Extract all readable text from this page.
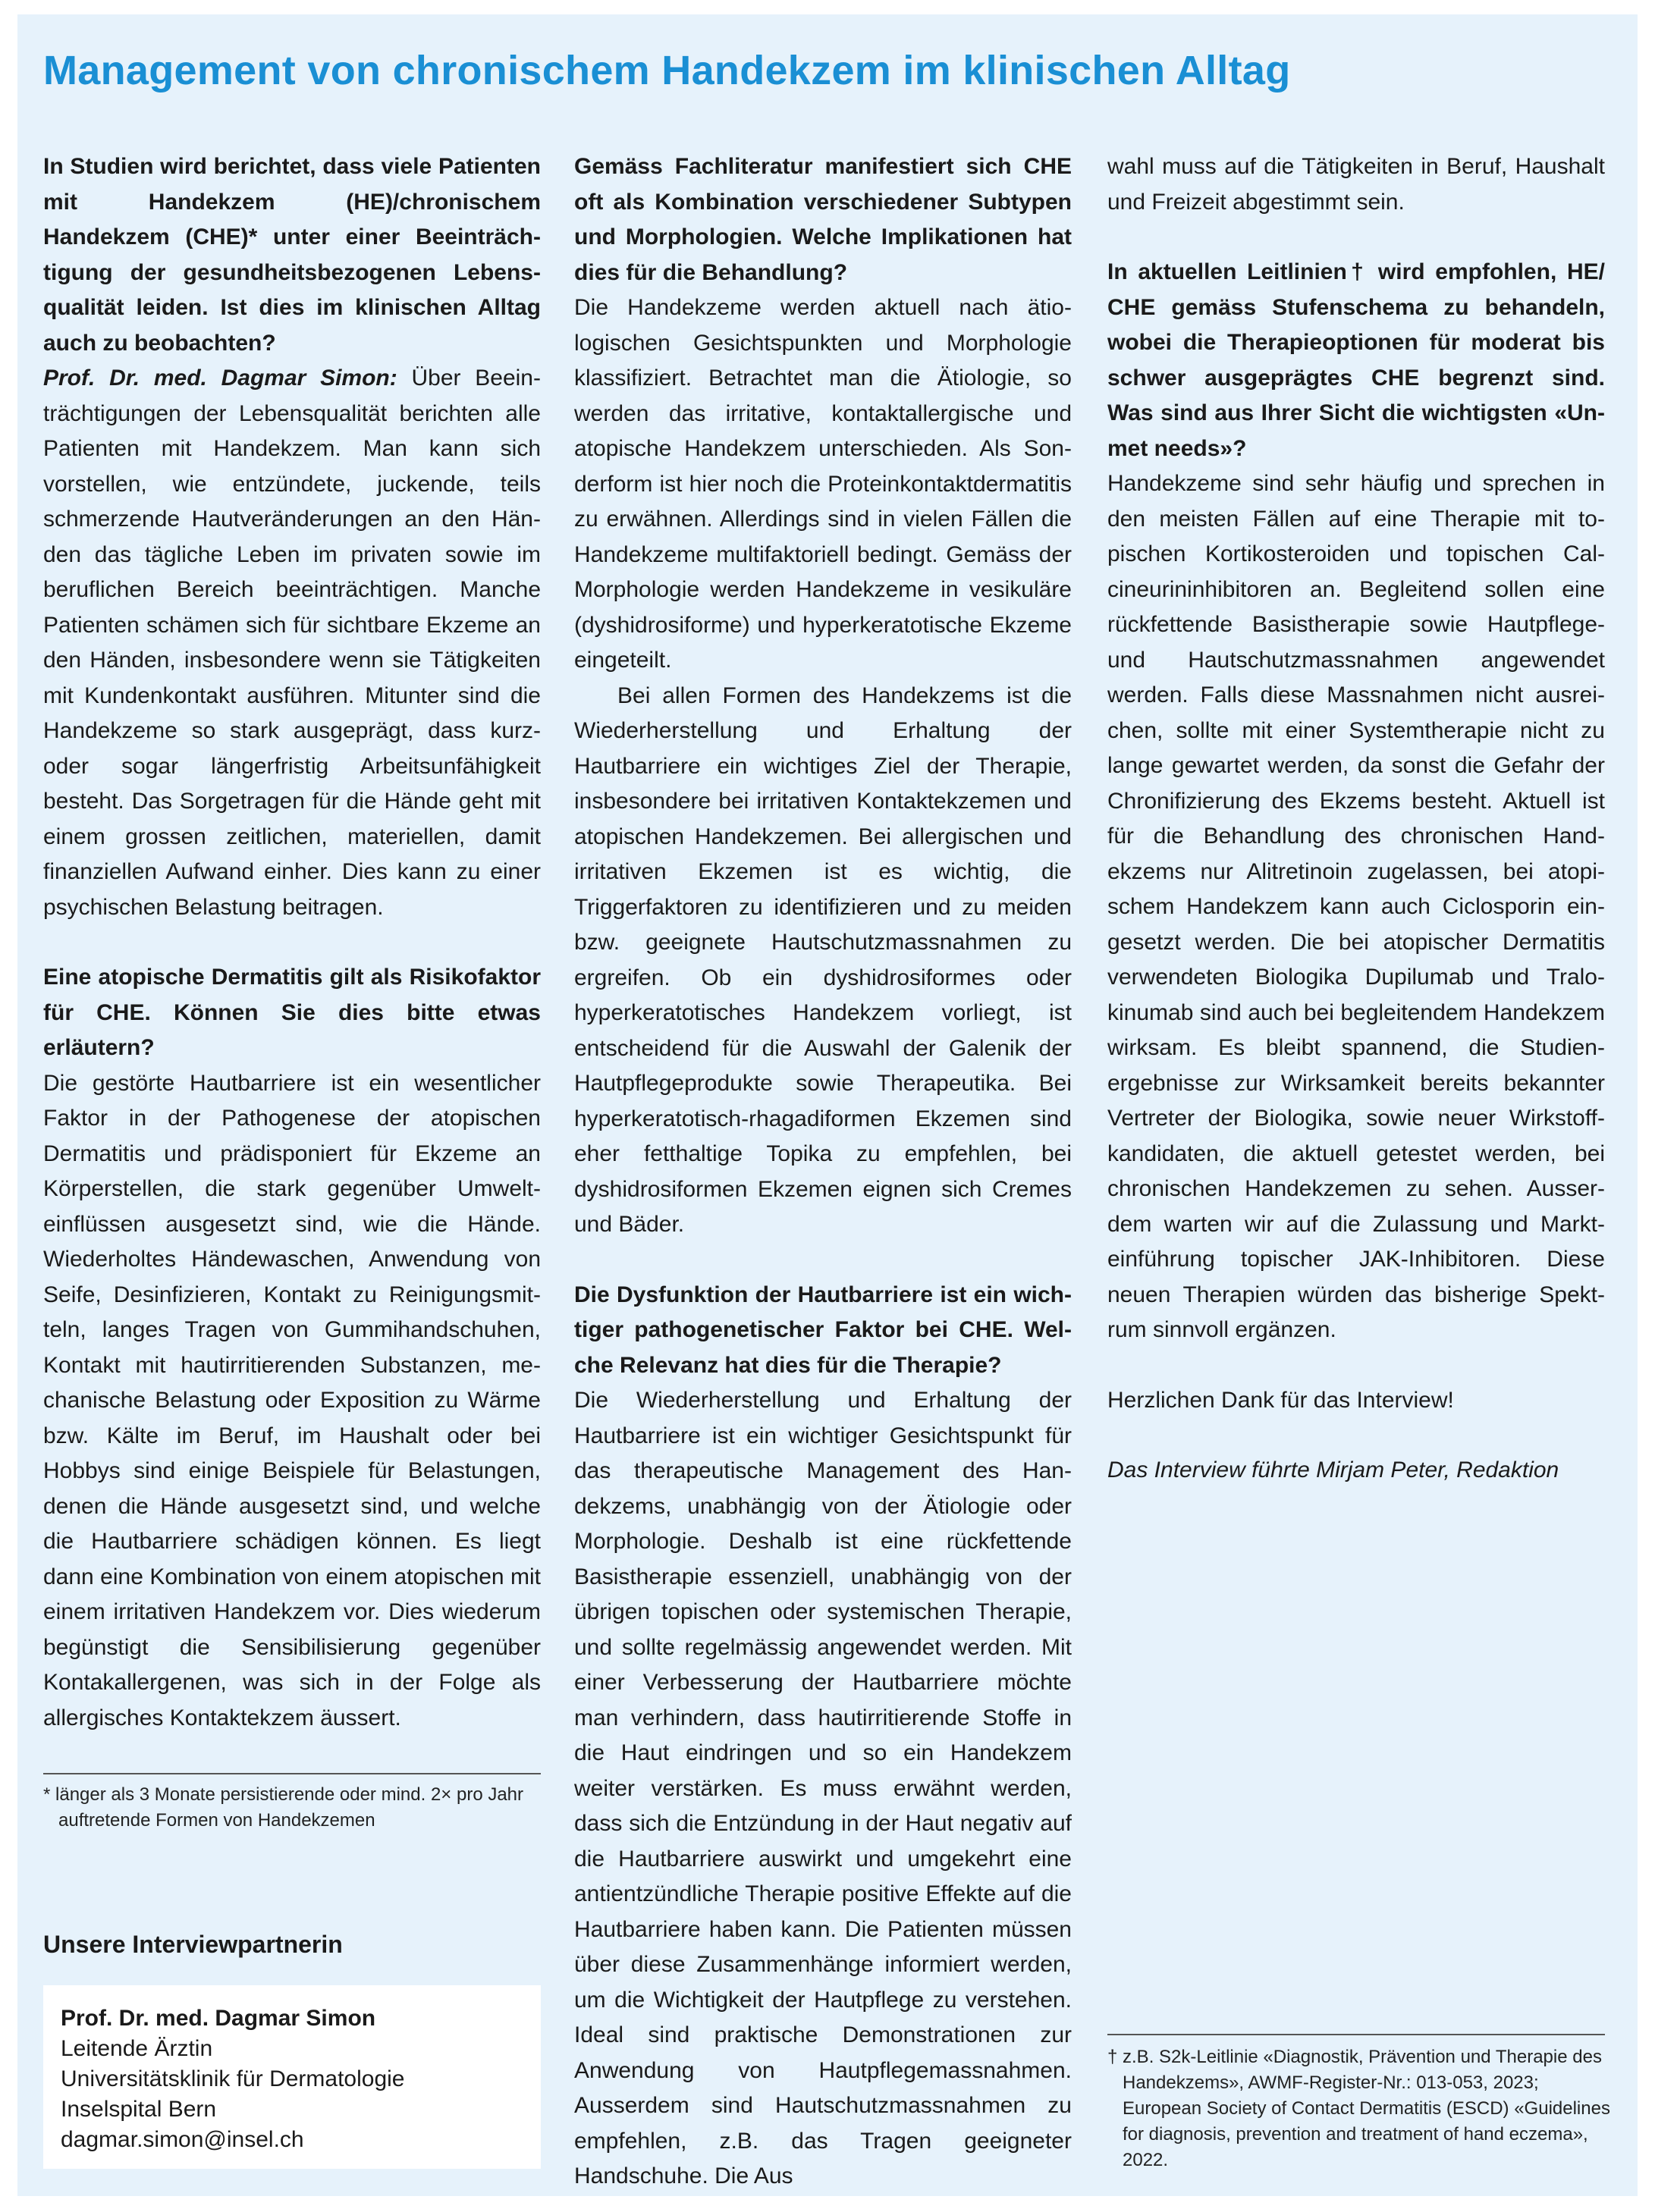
Management von chronischem Handekzem im klinischen Alltag

In Studien wird berichtet, dass viele Patienten mit Handekzem (HE)/chronischem Handekzem (CHE)* unter einer Beeinträchtigung der gesundheitsbezogenen Lebensqualität leiden. Ist dies im klinischen Alltag auch zu beobachten?

Prof. Dr. med. Dagmar Simon: Über Beeinträchtigungen der Lebensqualität berichten alle Patienten mit Handekzem. Man kann sich vorstellen, wie entzündete, juckende, teils schmerzende Hautveränderungen an den Händen das tägliche Leben im privaten sowie im beruflichen Bereich beeinträchtigen. Manche Patienten schämen sich für sichtbare Ekzeme an den Händen, insbesondere wenn sie Tätigkeiten mit Kundenkontakt ausführen. Mitunter sind die Handekzeme so stark ausgeprägt, dass kurz- oder sogar längerfristig Arbeitsunfähigkeit besteht. Das Sorgetragen für die Hände geht mit einem grossen zeitlichen, materiellen, damit finanziellen Aufwand einher. Dies kann zu einer psychischen Belastung beitragen.

Eine atopische Dermatitis gilt als Risikofaktor für CHE. Können Sie dies bitte etwas erläutern?

Die gestörte Hautbarriere ist ein wesentlicher Faktor in der Pathogenese der atopischen Dermatitis und prädisponiert für Ekzeme an Körperstellen, die stark gegenüber Umwelteinflüssen ausgesetzt sind, wie die Hände. Wiederholtes Händewaschen, Anwendung von Seife, Desinfizieren, Kontakt zu Reinigungsmitteln, langes Tragen von Gummihandschuhen, Kontakt mit hautirritierenden Substanzen, mechanische Belastung oder Exposition zu Wärme bzw. Kälte im Beruf, im Haushalt oder bei Hobbys sind einige Beispiele für Belastungen, denen die Hände ausgesetzt sind, und welche die Hautbarriere schädigen können. Es liegt dann eine Kombination von einem atopischen mit einem irritativen Handekzem vor. Dies wiederum begünstigt die Sensibilisierung gegenüber Kontakallergenen, was sich in der Folge als allergisches Kontaktekzem äussert.

* länger als 3 Monate persistierende oder mind. 2× pro Jahr auftretende Formen von Handekzemen
Unsere Interviewpartnerin
Prof. Dr. med. Dagmar Simon
Leitende Ärztin
Universitätsklinik für Dermatologie
Inselspital Bern
dagmar.simon@insel.ch

Gemäss Fachliteratur manifestiert sich CHE oft als Kombination verschiedener Subtypen und Morphologien. Welche Implikationen hat dies für die Behandlung?

Die Handekzeme werden aktuell nach ätiologischen Gesichtspunkten und Morphologie klassifiziert. Betrachtet man die Ätiologie, so werden das irritative, kontaktallergische und atopische Handekzem unterschieden. Als Sonderform ist hier noch die Proteinkontaktdermatitis zu erwähnen. Allerdings sind in vielen Fällen die Handekzeme multifaktoriell bedingt. Gemäss der Morphologie werden Handekzeme in vesikuläre (dyshidrosiforme) und hyperkeratotische Ekzeme eingeteilt.

Bei allen Formen des Handekzems ist die Wiederherstellung und Erhaltung der Hautbarriere ein wichtiges Ziel der Therapie, insbesondere bei irritativen Kontaktekzemen und atopischen Handekzemen. Bei allergischen und irritativen Ekzemen ist es wichtig, die Triggerfaktoren zu identifizieren und zu meiden bzw. geeignete Hautschutzmassnahmen zu ergreifen. Ob ein dyshidrosiformes oder hyperkeratotisches Handekzem vorliegt, ist entscheidend für die Auswahl der Galenik der Hautpflegeprodukte sowie Therapeutika. Bei hyperkeratotisch-rhagadiformen Ekzemen sind eher fetthaltige Topika zu empfehlen, bei dyshidrosiformen Ekzemen eignen sich Cremes und Bäder.

Die Dysfunktion der Hautbarriere ist ein wichtiger pathogenetischer Faktor bei CHE. Welche Relevanz hat dies für die Therapie?

Die Wiederherstellung und Erhaltung der Hautbarriere ist ein wichtiger Gesichtspunkt für das therapeutische Management des Handekzems, unabhängig von der Ätiologie oder Morphologie. Deshalb ist eine rückfettende Basistherapie essenziell, unabhängig von der übrigen topischen oder systemischen Therapie, und sollte regelmässig angewendet werden. Mit einer Verbesserung der Hautbarriere möchte man verhindern, dass hautirritierende Stoffe in die Haut eindringen und so ein Handekzem weiter verstärken. Es muss erwähnt werden, dass sich die Entzündung in der Haut negativ auf die Hautbarriere auswirkt und umgekehrt eine antientzündliche Therapie positive Effekte auf die Hautbarriere haben kann. Die Patienten müssen über diese Zusammenhänge informiert werden, um die Wichtigkeit der Hautpflege zu verstehen. Ideal sind praktische Demonstrationen zur Anwendung von Hautpflegemassnahmen. Ausserdem sind Hautschutzmassnahmen zu empfehlen, z.B. das Tragen geeigneter Handschuhe. Die Aus

wahl muss auf die Tätigkeiten in Beruf, Haushalt und Freizeit abgestimmt sein.

In aktuellen Leitlinien† wird empfohlen, HE/ CHE gemäss Stufenschema zu behandeln, wobei die Therapieoptionen für moderat bis schwer ausgeprägtes CHE begrenzt sind. Was sind aus Ihrer Sicht die wichtigsten «Unmet needs»?

Handekzeme sind sehr häufig und sprechen in den meisten Fällen auf eine Therapie mit topischen Kortikosteroiden und topischen Calcineurininhibitoren an. Begleitend sollen eine rückfettende Basistherapie sowie Hautpflege- und Hautschutzmassnahmen angewendet werden. Falls diese Massnahmen nicht ausreichen, sollte mit einer Systemtherapie nicht zu lange gewartet werden, da sonst die Gefahr der Chronifizierung des Ekzems besteht. Aktuell ist für die Behandlung des chronischen Handekzems nur Alitretinoin zugelassen, bei atopischem Handekzem kann auch Ciclosporin eingesetzt werden. Die bei atopischer Dermatitis verwendeten Biologika Dupilumab und Tralokinumab sind auch bei begleitendem Handekzem wirksam. Es bleibt spannend, die Studienergebnisse zur Wirksamkeit bereits bekannter Vertreter der Biologika, sowie neuer Wirkstoffkandidaten, die aktuell getestet werden, bei chronischen Handekzemen zu sehen. Ausserdem warten wir auf die Zulassung und Markteinführung topischer JAK-Inhibitoren. Diese neuen Therapien würden das bisherige Spektrum sinnvoll ergänzen.

Herzlichen Dank für das Interview!

Das Interview führte Mirjam Peter, Redaktion

† z.B. S2k-Leitlinie «Diagnostik, Prävention und Therapie des Handekzems», AWMF-Register-Nr.: 013-053, 2023; European Society of Contact Dermatitis (ESCD) «Guidelines for diagnosis, prevention and treatment of hand eczema», 2022.
